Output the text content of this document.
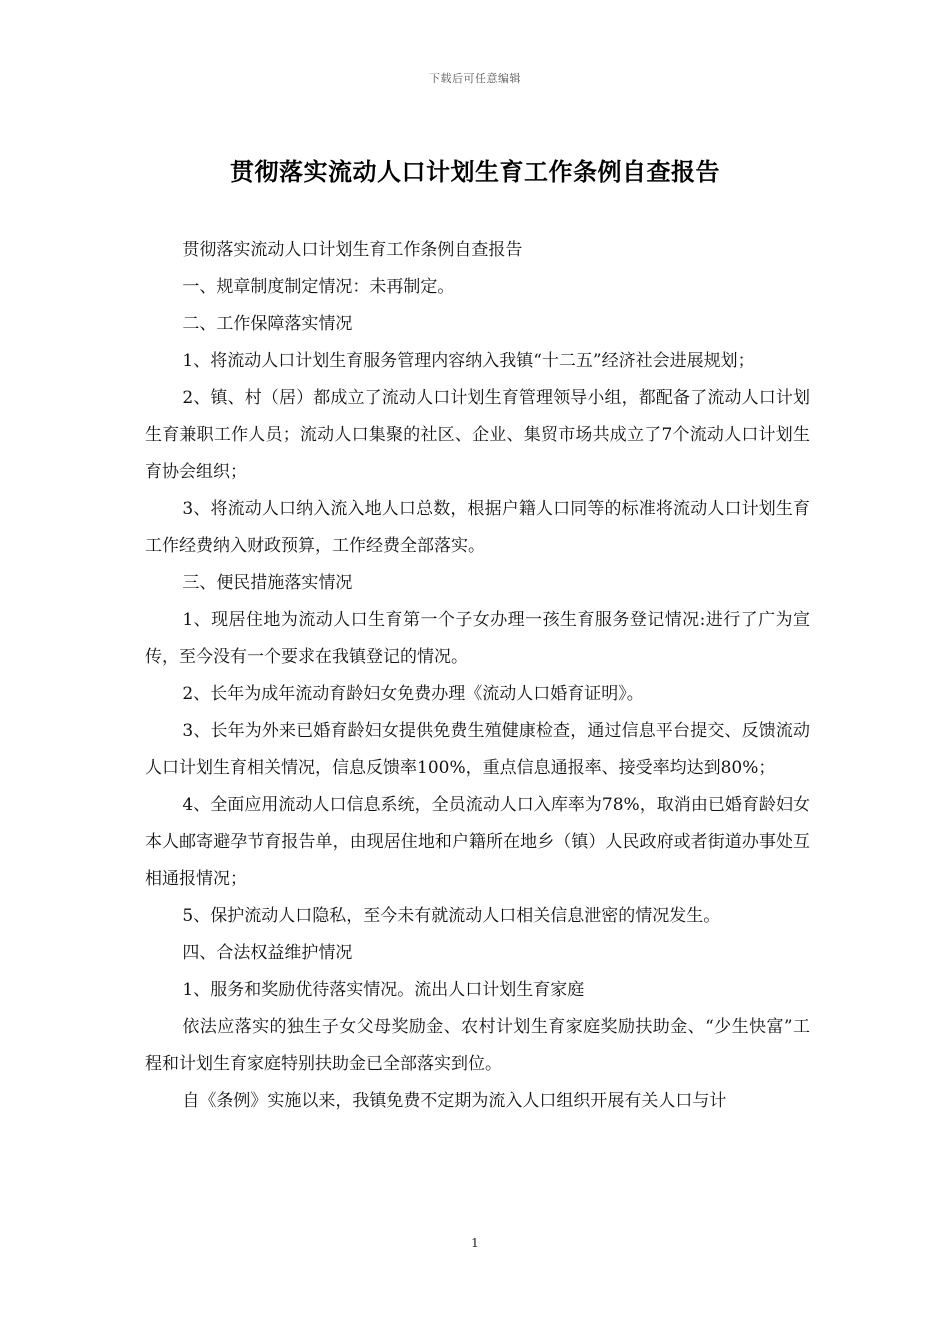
下载后可任意编辑
贯彻落实流动人口计划生育工作条例自查报告

贯彻落实流动人口计划生育工作条例自查报告

一、规章制度制定情况：未再制定。

二、工作保障落实情况

1、将流动人口计划生育服务管理内容纳入我镇“十二五”经济社会进展规划；

2、镇、村（居）都成立了流动人口计划生育管理领导小组，都配备了流动人口计划生育兼职工作人员；流动人口集聚的社区、企业、集贸市场共成立了7个流动人口计划生育协会组织；

3、将流动人口纳入流入地人口总数，根据户籍人口同等的标准将流动人口计划生育工作经费纳入财政预算，工作经费全部落实。

三、便民措施落实情况

1、现居住地为流动人口生育第一个子女办理一孩生育服务登记情况:进行了广为宣传，至今没有一个要求在我镇登记的情况。

2、长年为成年流动育龄妇女免费办理《流动人口婚育证明》。

3、长年为外来已婚育龄妇女提供免费生殖健康检查，通过信息平台提交、反馈流动人口计划生育相关情况，信息反馈率100%，重点信息通报率、接受率均达到80%；

4、全面应用流动人口信息系统，全员流动人口入库率为78%，取消由已婚育龄妇女本人邮寄避孕节育报告单，由现居住地和户籍所在地乡（镇）人民政府或者街道办事处互相通报情况；

5、保护流动人口隐私，至今未有就流动人口相关信息泄密的情况发生。

四、合法权益维护情况

1、服务和奖励优待落实情况。流出人口计划生育家庭

依法应落实的独生子女父母奖励金、农村计划生育家庭奖励扶助金、“少生快富”工程和计划生育家庭特别扶助金已全部落实到位。

自《条例》实施以来，我镇免费不定期为流入人口组织开展有关人口与计

1
